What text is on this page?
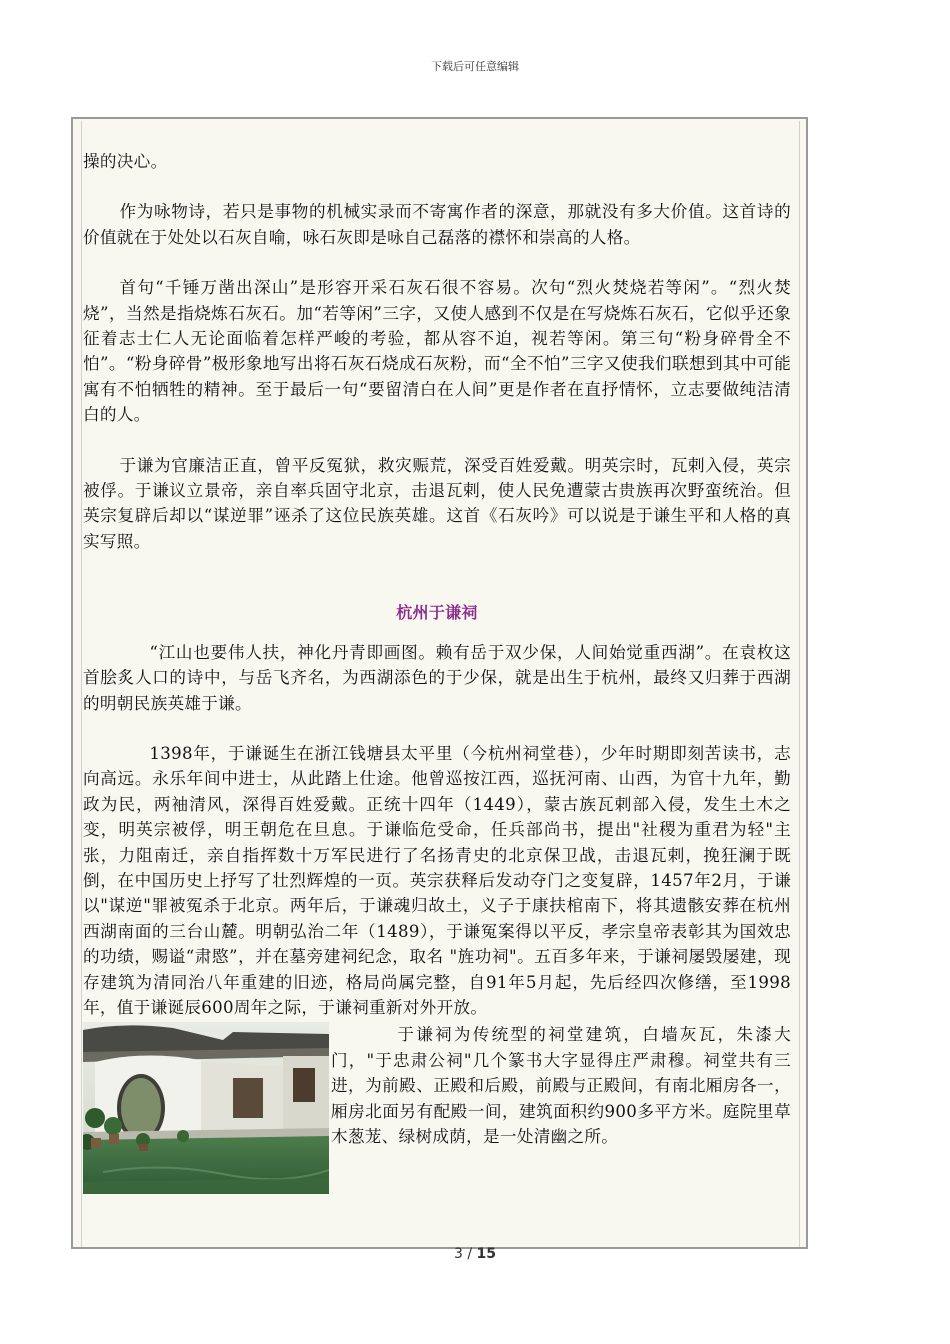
下载后可任意编辑

操的决心。

作为咏物诗，若只是事物的机械实录而不寄寓作者的深意，那就没有多大价值。这首诗的价值就在于处处以石灰自喻，咏石灰即是咏自己磊落的襟怀和崇高的人格。

首句“千锤万凿出深山”是形容开采石灰石很不容易。次句“烈火焚烧若等闲”。“烈火焚烧”，当然是指烧炼石灰石。加“若等闲”三字，又使人感到不仅是在写烧炼石灰石，它似乎还象征着志士仁人无论面临着怎样严峻的考验，都从容不迫，视若等闲。第三句“粉身碎骨全不怕”。“粉身碎骨”极形象地写出将石灰石烧成石灰粉，而“全不怕”三字又使我们联想到其中可能寓有不怕牺牲的精神。至于最后一句“要留清白在人间”更是作者在直抒情怀，立志要做纯洁清白的人。

于谦为官廉洁正直，曾平反冤狱，救灾赈荒，深受百姓爱戴。明英宗时，瓦剌入侵，英宗被俘。于谦议立景帝，亲自率兵固守北京，击退瓦剌，使人民免遭蒙古贵族再次野蛮统治。但英宗复辟后却以“谋逆罪”诬杀了这位民族英雄。这首《石灰吟》可以说是于谦生平和人格的真实写照。

杭州于谦祠

“江山也要伟人扶，神化丹青即画图。赖有岳于双少保，人间始觉重西湖”。在袁枚这首脍炙人口的诗中，与岳飞齐名，为西湖添色的于少保，就是出生于杭州，最终又归葬于西湖的明朝民族英雄于谦。

1398年，于谦诞生在浙江钱塘县太平里（今杭州祠堂巷），少年时期即刻苦读书，志向高远。永乐年间中进士，从此踏上仕途。他曾巡按江西，巡抚河南、山西，为官十九年，勤政为民，两袖清风，深得百姓爱戴。正统十四年（1449），蒙古族瓦剌部入侵，发生土木之变，明英宗被俘，明王朝危在旦息。于谦临危受命，任兵部尚书，提出"社稷为重君为轻"主张，力阻南迁，亲自指挥数十万军民进行了名扬青史的北京保卫战，击退瓦剌，挽狂澜于既倒，在中国历史上抒写了壮烈辉煌的一页。英宗获释后发动夺门之变复辟，1457年2月，于谦以"谋逆"罪被冤杀于北京。两年后，于谦魂归故土，义子于康扶棺南下，将其遗骸安葬在杭州西湖南面的三台山麓。明朝弘治二年（1489），于谦冤案得以平反，孝宗皇帝表彰其为国效忠的功绩，赐谥“肃愍”，并在墓旁建祠纪念，取名 "旌功祠"。五百多年来，于谦祠屡毁屡建，现存建筑为清同治八年重建的旧迹，格局尚属完整，自91年5月起，先后经四次修缮，至1998年，值于谦诞辰600周年之际，于谦祠重新对外开放。

于谦祠为传统型的祠堂建筑，白墙灰瓦，朱漆大门，"于忠肃公祠"几个篆书大字显得庄严肃穆。祠堂共有三进，为前殿、正殿和后殿，前殿与正殿间，有南北厢房各一，厢房北面另有配殿一间，建筑面积约900多平方米。庭院里草木葱茏、绿树成荫，是一处清幽之所。

3 / 15
